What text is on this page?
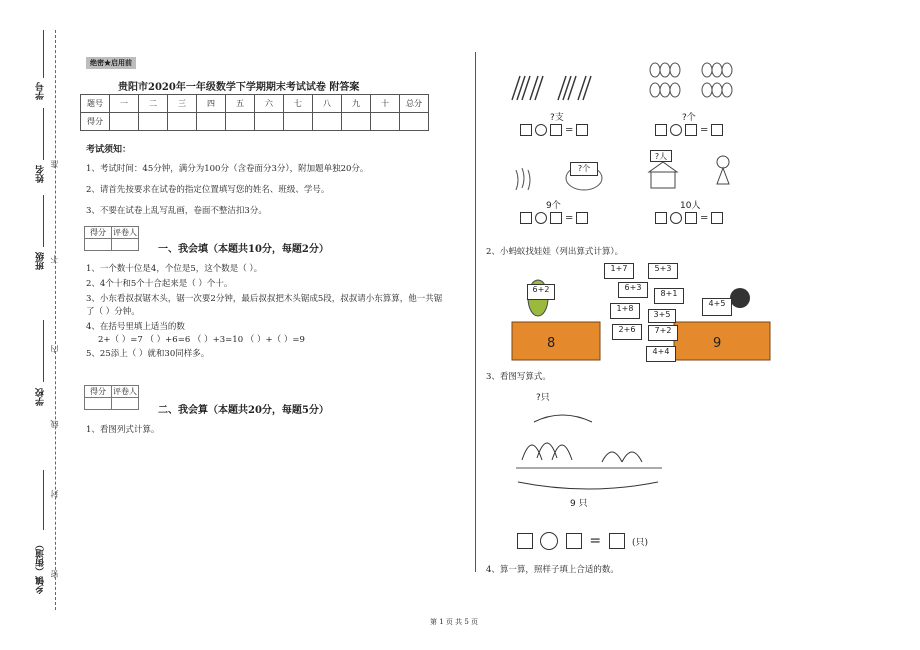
学号
姓名
班级
学校
乡镇（街道）
准
不
内
线
封
密
绝密★启用前
贵阳市2020年一年级数学下学期期末考试试卷 附答案
题号	一	二	三	四	五	六	七	八	九	十	总分
得分											
考试须知：
1、考试时间：45分钟，满分为100分（含卷面分3分），附加题单独20分。
2、请首先按要求在试卷的指定位置填写您的姓名、班级、学号。
3、不要在试卷上乱写乱画，卷面不整洁扣3分。
得分	评卷人

一、我会填（本题共10分，每题2分）
1、一个数十位是4，个位是5，这个数是（ ）。
2、4个十和5个十合起来是（ ）个十。
3、小东看叔叔锯木头，锯一次要2分钟，最后叔叔把木头锯成5段，叔叔请小东算算，他一共锯
了（ ）分钟。
4、在括号里填上适当的数
2+（ ）=7 （ ）+6=6 （ ）+3=10 （ ）+（ ）=9
5、25添上（ ）就和30同样多。
得分	评卷人

二、我会算（本题共20分，每题5分）
1、看图列式计算。
?支
=
?个
=
?个
9个
=
?人
10人
=
2、小蚂蚁找娃娃（列出算式计算）。
6+2
1+7	5+3
6+3
8+1
4+5
1+8
2+6	7+2
3+5
4+4
8	9
3、看图写算式。
?只
9 只
=	(只)
4、算一算，照样子填上合适的数。
第 1 页 共 5 页
